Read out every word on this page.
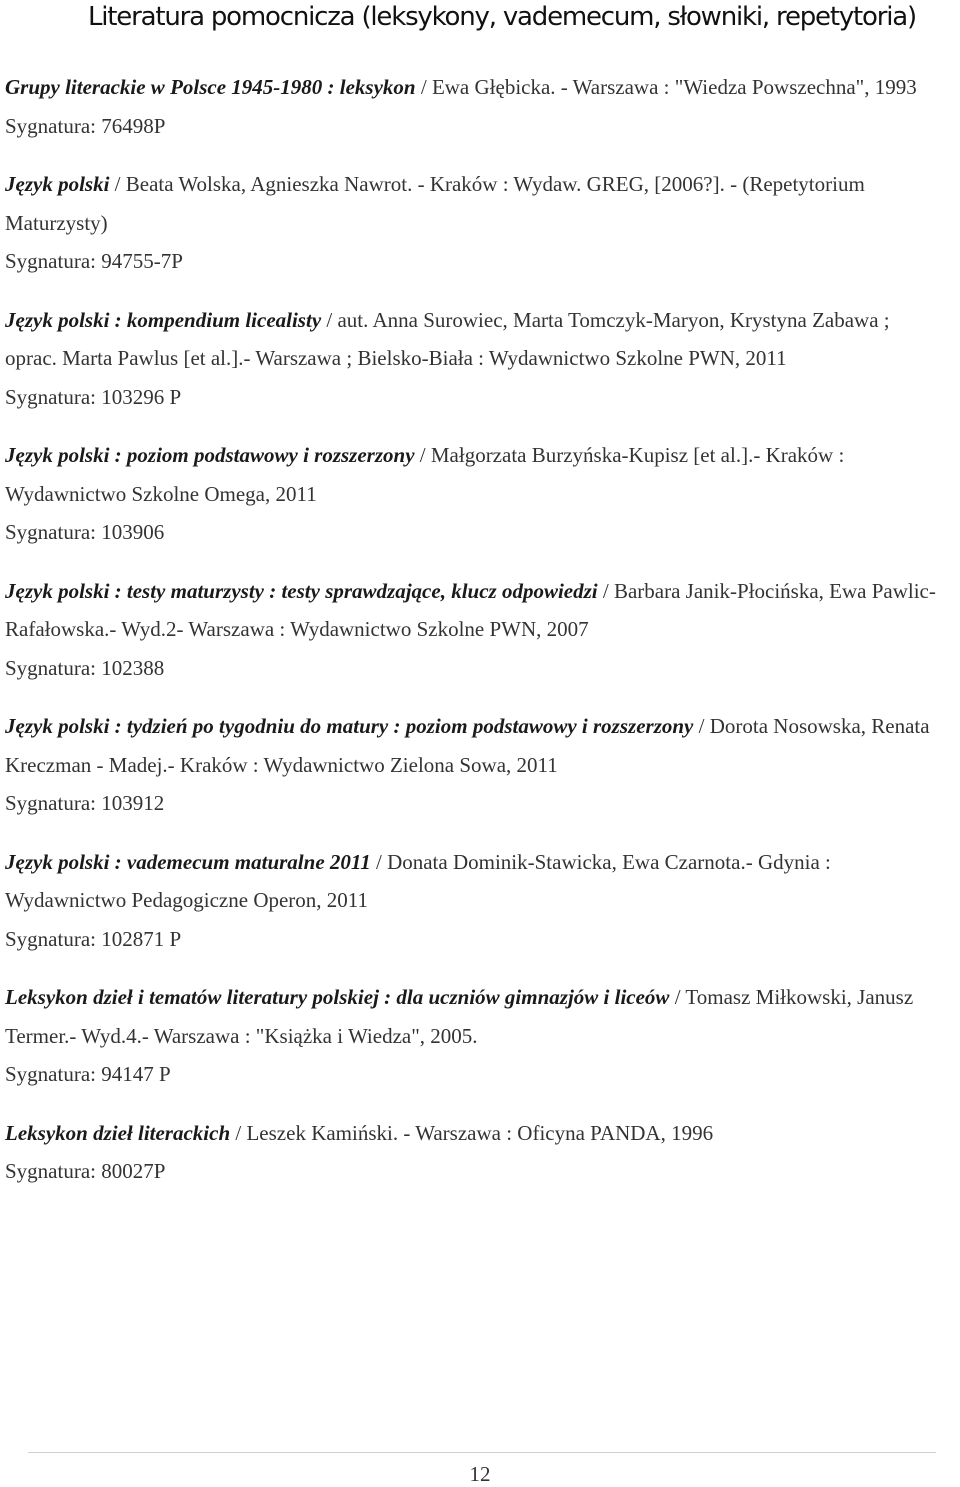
Literatura pomocnicza (leksykony, vademecum, słowniki, repetytoria)
Grupy literackie w Polsce 1945-1980 : leksykon / Ewa Głębicka. - Warszawa : "Wiedza Powszechna", 1993
Sygnatura: 76498P
Język polski / Beata Wolska, Agnieszka Nawrot. - Kraków : Wydaw. GREG, [2006?]. - (Repetytorium Maturzysty)
Sygnatura: 94755-7P
Język polski : kompendium licealisty / aut. Anna Surowiec, Marta Tomczyk-Maryon, Krystyna Zabawa ; oprac. Marta Pawlus [et al.].- Warszawa ; Bielsko-Biała : Wydawnictwo Szkolne PWN, 2011
Sygnatura: 103296 P
Język polski : poziom podstawowy i rozszerzony / Małgorzata Burzyńska-Kupisz [et al.].- Kraków : Wydawnictwo Szkolne Omega, 2011
Sygnatura: 103906
Język polski : testy maturzysty : testy sprawdzające, klucz odpowiedzi / Barbara Janik-Płocińska, Ewa Pawlic-Rafałowska.- Wyd.2- Warszawa : Wydawnictwo Szkolne PWN, 2007
Sygnatura: 102388
Język polski : tydzień po tygodniu do matury : poziom podstawowy i rozszerzony / Dorota Nosowska, Renata Kreczman - Madej.- Kraków : Wydawnictwo Zielona Sowa, 2011
Sygnatura: 103912
Język polski : vademecum maturalne 2011 / Donata Dominik-Stawicka, Ewa Czarnota.- Gdynia : Wydawnictwo Pedagogiczne Operon, 2011
Sygnatura: 102871 P
Leksykon dzieł i tematów literatury polskiej : dla uczniów gimnazjów i liceów / Tomasz Miłkowski, Janusz Termer.- Wyd.4.- Warszawa : "Książka i Wiedza", 2005.
Sygnatura: 94147 P
Leksykon dzieł literackich / Leszek Kamiński. - Warszawa : Oficyna PANDA, 1996
Sygnatura: 80027P
12
